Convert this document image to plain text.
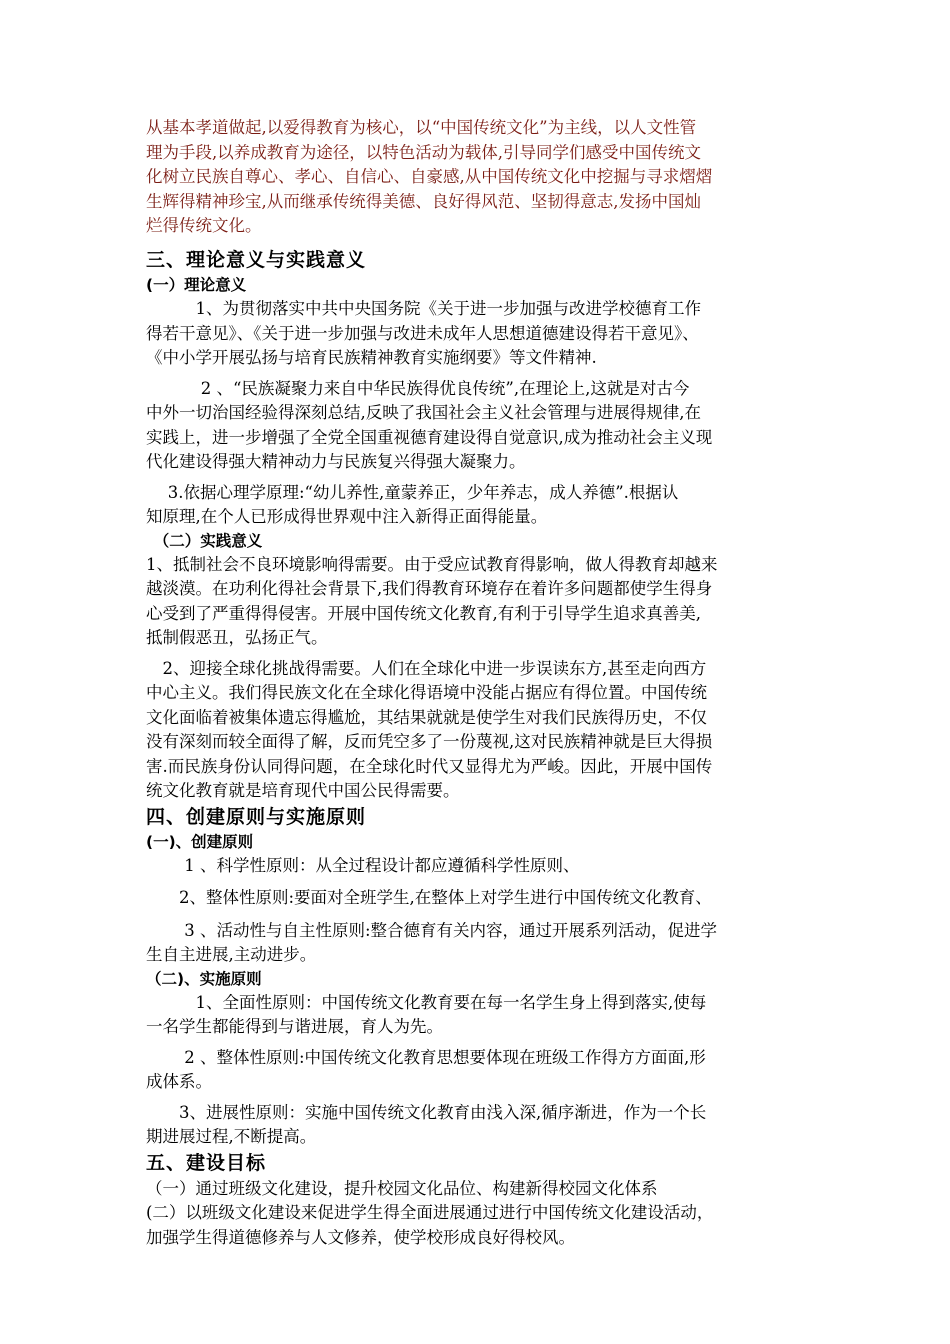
从基本孝道做起,以爱得教育为核心，以“中国传统文化”为主线，以人文性管

理为手段,以养成教育为途径，以特色活动为载体,引导同学们感受中国传统文

化树立民族自尊心、孝心、自信心、自豪感,从中国传统文化中挖掘与寻求熠熠

生辉得精神珍宝,从而继承传统得美德、良好得风范、坚韧得意志,发扬中国灿

烂得传统文化。

三、理论意义与实践意义
(一）理论意义

　　　1、为贯彻落实中共中央国务院《关于进一步加强与改进学校德育工作

得若干意见》、《关于进一步加强与改进未成年人思想道德建设得若干意见》、

《中小学开展弘扬与培育民族精神教育实施纲要》等文件精神.

　　　 2 、“民族凝聚力来自中华民族得优良传统”,在理论上,这就是对古今

中外一切治国经验得深刻总结,反映了我国社会主义社会管理与进展得规律,在

实践上，进一步增强了全党全国重视德育建设得自觉意识,成为推动社会主义现

代化建设得强大精神动力与民族复兴得强大凝聚力。

　 3.依据心理学原理:“幼儿养性,童蒙养正，少年养志，成人养德”.根据认

知原理,在个人已形成得世界观中注入新得正面得能量。

　（二）实践意义

1、抵制社会不良环境影响得需要。由于受应试教育得影响，做人得教育却越来

越淡漠。在功利化得社会背景下,我们得教育环境存在着许多问题都使学生得身

心受到了严重得得侵害。开展中国传统文化教育,有利于引导学生追求真善美,

抵制假恶丑，弘扬正气。

　2、迎接全球化挑战得需要。人们在全球化中进一步误读东方,甚至走向西方

中心主义。我们得民族文化在全球化得语境中没能占据应有得位置。中国传统

文化面临着被集体遗忘得尴尬，其结果就就是使学生对我们民族得历史，不仅

没有深刻而较全面得了解，反而凭空多了一份蔑视,这对民族精神就是巨大得损

害.而民族身份认同得问题，在全球化时代又显得尤为严峻。因此，开展中国传

统文化教育就是培育现代中国公民得需要。

四、创建原则与实施原则
(一)、创建原则

　　 1 、科学性原则：从全过程设计都应遵循科学性原则、

　　2、整体性原则:要面对全班学生,在整体上对学生进行中国传统文化教育、

　　 3 、活动性与自主性原则:整合德育有关内容，通过开展系列活动，促进学

生自主进展,主动进步。

（二)、实施原则

　　　1、全面性原则：中国传统文化教育要在每一名学生身上得到落实,使每

一名学生都能得到与谐进展，育人为先。

　　 2 、整体性原则:中国传统文化教育思想要体现在班级工作得方方面面,形

成体系。

　　3、进展性原则：实施中国传统文化教育由浅入深,循序渐进，作为一个长

期进展过程,不断提高。

五、建设目标

（一）通过班级文化建设，提升校园文化品位、构建新得校园文化体系

(二）以班级文化建设来促进学生得全面进展通过进行中国传统文化建设活动，

加强学生得道德修养与人文修养，使学校形成良好得校风。
